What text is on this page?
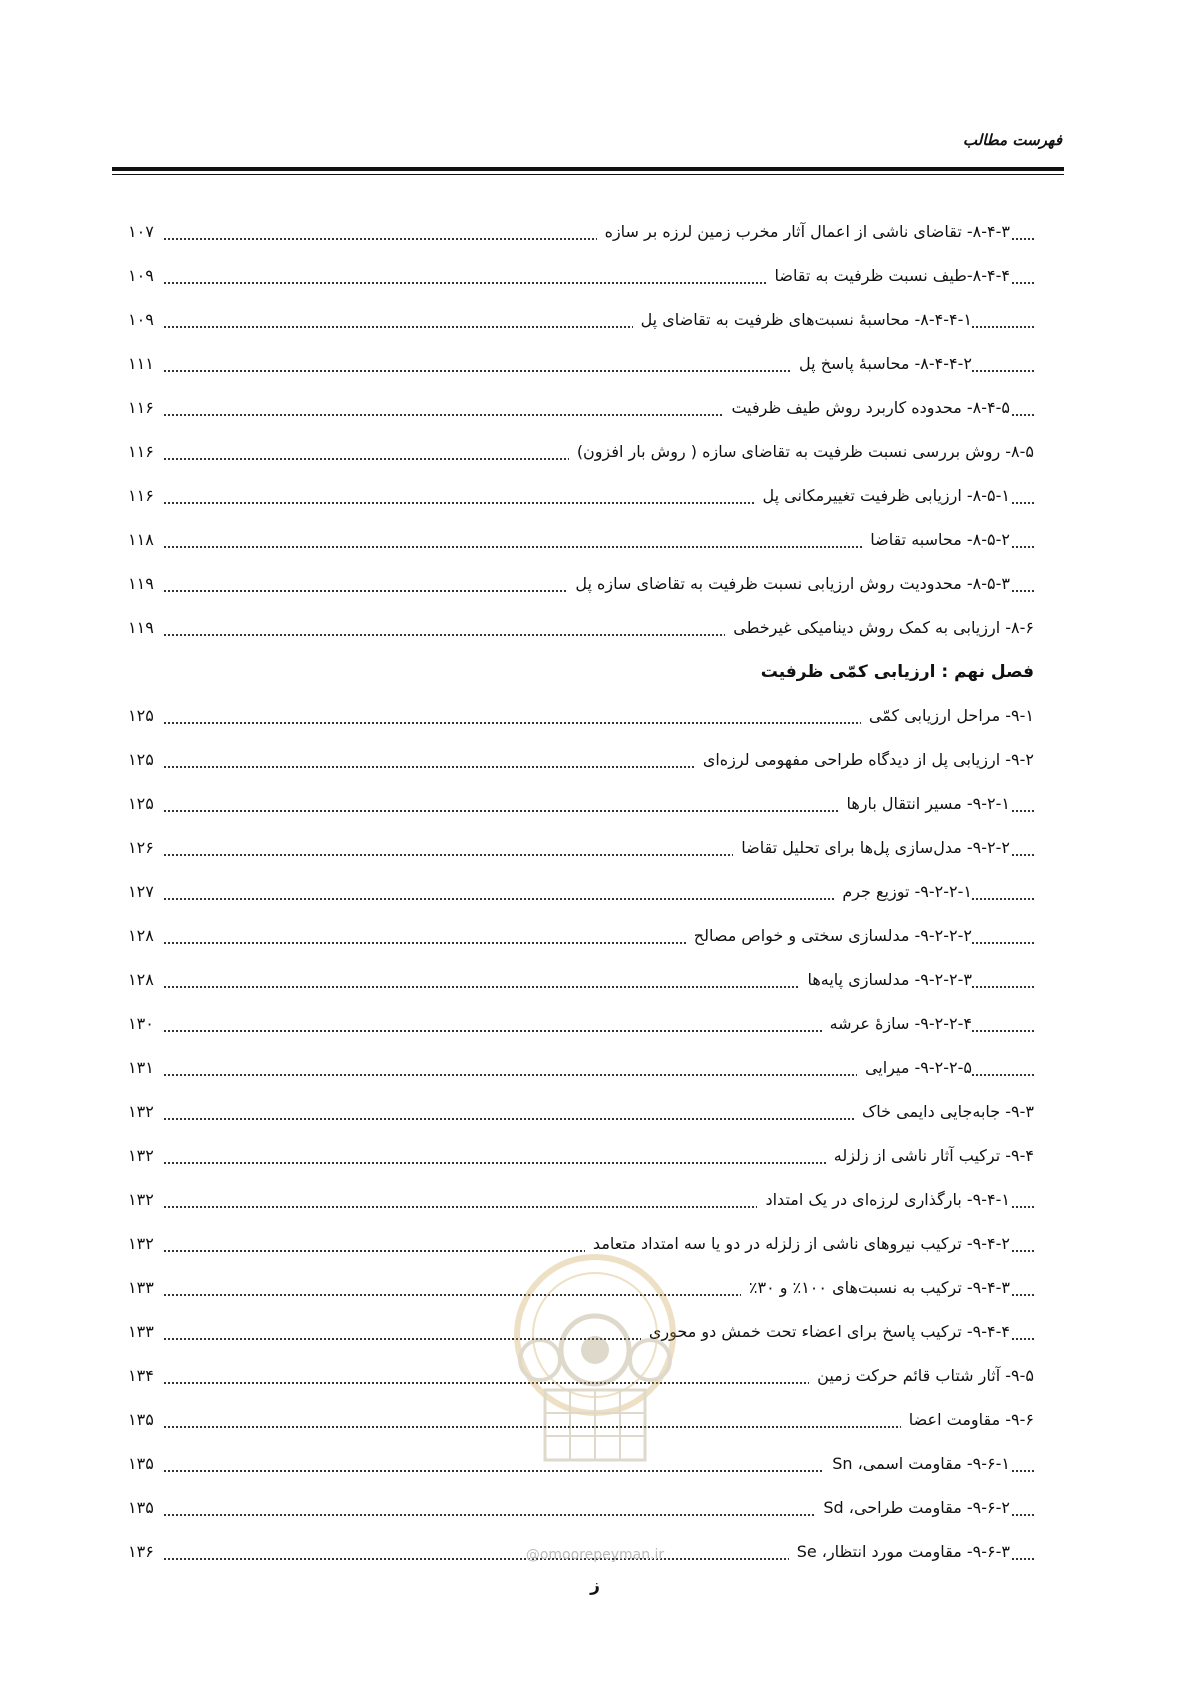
فهرست مطالب
۸-۴-۳- تقاضای ناشی از اعمال آثار مخرب زمین لرزه بر سازه
۱۰۷
۸-۴-۴-طیف نسبت ظرفیت به تقاضا
۱۰۹
۸-۴-۴-۱- محاسبهٔ نسبت‌های ظرفیت به تقاضای پل
۱۰۹
۸-۴-۴-۲- محاسبهٔ پاسخ پل
۱۱۱
۸-۴-۵- محدوده کاربرد روش طیف ظرفیت
۱۱۶
۸-۵- روش بررسی نسبت ظرفیت به تقاضای سازه ( روش بار افزون)
۱۱۶
۸-۵-۱- ارزیابی ظرفیت تغییرمکانی پل
۱۱۶
۸-۵-۲- محاسبه تقاضا
۱۱۸
۸-۵-۳- محدودیت روش ارزیابی نسبت ظرفیت به تقاضای سازه پل
۱۱۹
۸-۶- ارزیابی به کمک روش دینامیکی غیرخطی
۱۱۹
فصل نهم : ارزیابی کمّی ظرفیت
۹-۱- مراحل ارزیابی کمّی
۱۲۵
۹-۲- ارزیابی پل از دیدگاه طراحی مفهومی لرزه‌ای
۱۲۵
۹-۲-۱- مسیر انتقال بارها
۱۲۵
۹-۲-۲- مدل‌سازی پل‌ها برای تحلیل تقاضا
۱۲۶
۹-۲-۲-۱- توزیع جرم
۱۲۷
۹-۲-۲-۲- مدلسازی سختی و خواص مصالح
۱۲۸
۹-۲-۲-۳- مدلسازی پایه‌ها
۱۲۸
۹-۲-۲-۴- سازهٔ عرشه
۱۳۰
۹-۲-۲-۵- میرایی
۱۳۱
۹-۳- جابه‌جایی دایمی خاک
۱۳۲
۹-۴- ترکیب آثار ناشی از زلزله
۱۳۲
۹-۴-۱- بارگذاری لرزه‌ای در یک امتداد
۱۳۲
۹-۴-۲- ترکیب نیروهای ناشی از زلزله در دو یا سه امتداد متعامد
۱۳۲
۹-۴-۳- ترکیب به نسبت‌های ۱۰۰٪ و ۳۰٪
۱۳۳
۹-۴-۴- ترکیب پاسخ برای اعضاء تحت خمش دو محوری
۱۳۳
۹-۵- آثار شتاب قائم حرکت زمین
۱۳۴
۹-۶- مقاومت اعضا
۱۳۵
۹-۶-۱- مقاومت اسمی، Sn
۱۳۵
۹-۶-۲- مقاومت طراحی، Sd
۱۳۵
۹-۶-۳- مقاومت مورد انتظار، Se
۱۳۶
ز
@omoorepeyman.ir
